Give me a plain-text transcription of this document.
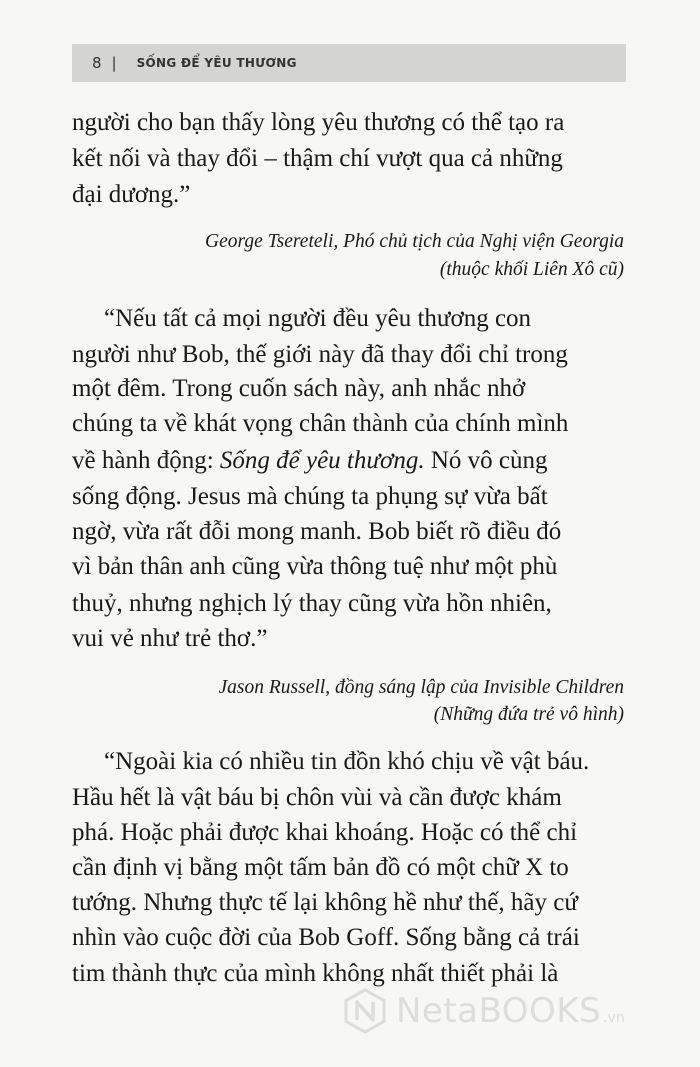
8 | SỐNG ĐỂ YÊU THƯƠNG
người cho bạn thấy lòng yêu thương có thể tạo ra
kết nối và thay đổi – thậm chí vượt qua cả những
đại dương.”
George Tsereteli, Phó chủ tịch của Nghị viện Georgia
(thuộc khối Liên Xô cũ)
“Nếu tất cả mọi người đều yêu thương con
người như Bob, thế giới này đã thay đổi chỉ trong
một đêm. Trong cuốn sách này, anh nhắc nhở
chúng ta về khát vọng chân thành của chính mình
về hành động: Sống để yêu thương. Nó vô cùng
sống động. Jesus mà chúng ta phụng sự vừa bất
ngờ, vừa rất đỗi mong manh. Bob biết rõ điều đó
vì bản thân anh cũng vừa thông tuệ như một phù
thuỷ, nhưng nghịch lý thay cũng vừa hồn nhiên,
vui vẻ như trẻ thơ.”
Jason Russell, đồng sáng lập của Invisible Children
(Những đứa trẻ vô hình)
“Ngoài kia có nhiều tin đồn khó chịu về vật báu.
Hầu hết là vật báu bị chôn vùi và cần được khám
phá. Hoặc phải được khai khoáng. Hoặc có thể chỉ
cần định vị bằng một tấm bản đồ có một chữ X to
tướng. Nhưng thực tế lại không hề như thế, hãy cứ
nhìn vào cuộc đời của Bob Goff. Sống bằng cả trái
tim thành thực của mình không nhất thiết phải là
NetaBOOKS .vn
